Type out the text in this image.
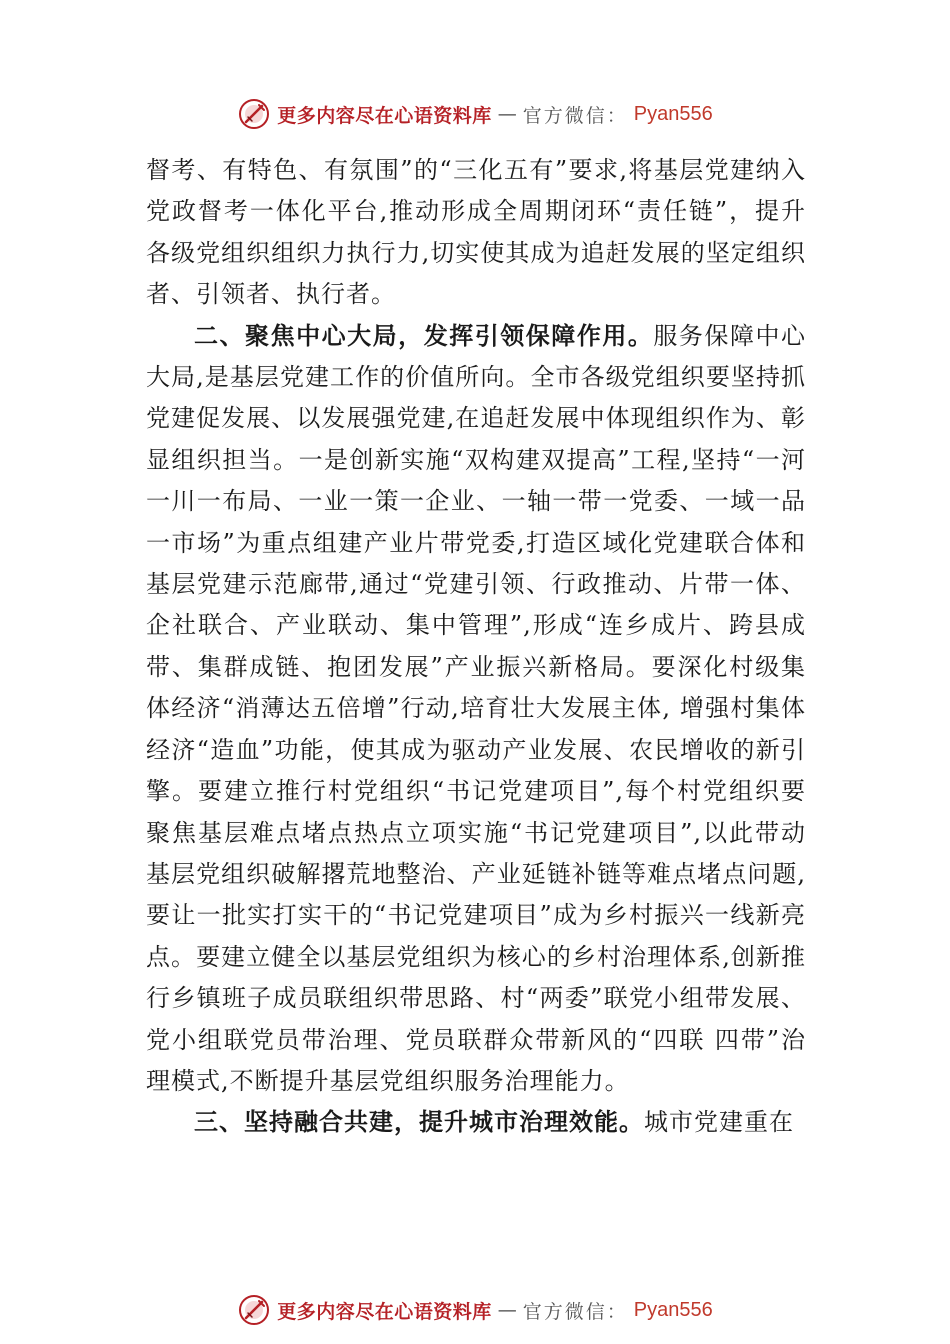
更多内容尽在心语资料库 — 官方微信： Pyan556

督考、有特色、有氛围”的“三化五有”要求,将基层党建纳入党政督考一体化平台,推动形成全周期闭环“责任链”，提升各级党组织组织力执行力,切实使其成为追赶发展的坚定组织者、引领者、执行者。

二、聚焦中心大局，发挥引领保障作用。服务保障中心大局,是基层党建工作的价值所向。全市各级党组织要坚持抓党建促发展、以发展强党建,在追赶发展中体现组织作为、彰显组织担当。一是创新实施“双构建双提高”工程,坚持“一河一川一布局、一业一策一企业、一轴一带一党委、一域一品一市场”为重点组建产业片带党委,打造区域化党建联合体和基层党建示范廊带,通过“党建引领、行政推动、片带一体、企社联合、产业联动、集中管理”,形成“连乡成片、跨县成带、集群成链、抱团发展”产业振兴新格局。要深化村级集 体经济“消薄达五倍增”行动,培育壮大发展主体, 增强村集体经济“造血”功能，使其成为驱动产业发展、农民增收的新引擎。要建立推行村党组织“书记党建项目”,每个村党组织要聚焦基层难点堵点热点立项实施“书记党建项目”,以此带动基层党组织破解撂荒地整治、产业延链补链等难点堵点问题,要让一批实打实干的“书记党建项目”成为乡村振兴一线新亮点。要建立健全以基层党组织为核心的乡村治理体系,创新推行乡镇班子成员联组织带思路、村“两委”联党小组带发展、党小组联党员带治理、党员联群众带新风的“四联 四带”治理模式,不断提升基层党组织服务治理能力。

三、坚持融合共建，提升城市治理效能。城市党建重在

更多内容尽在心语资料库 — 官方微信： Pyan556
